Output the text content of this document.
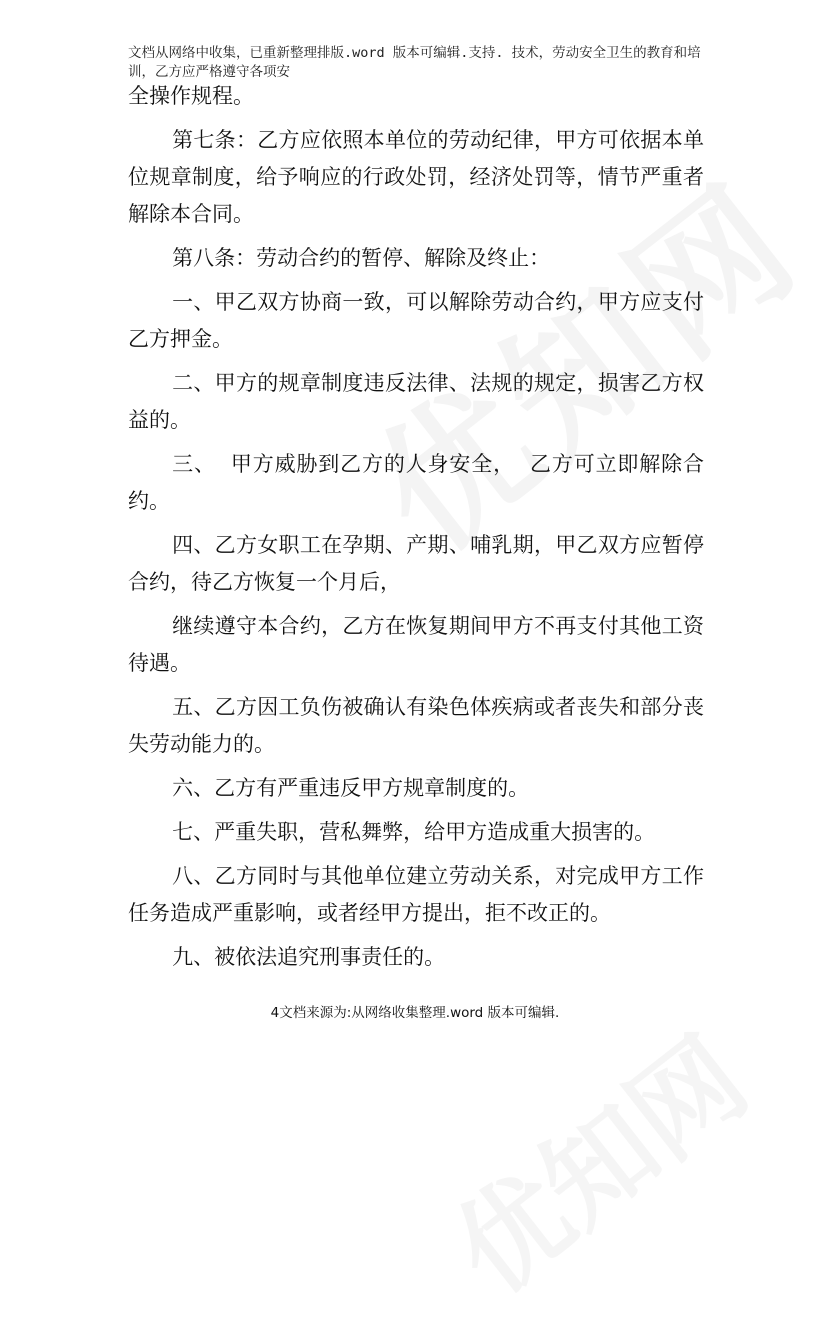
文档从网络中收集，已重新整理排版.word 版本可编辑.支持. 技术，劳动安全卫生的教育和培训，乙方应严格遵守各项安

全操作规程。

第七条：乙方应依照本单位的劳动纪律，甲方可依据本单位规章制度，给予响应的行政处罚，经济处罚等，情节严重者解除本合同。

第八条：劳动合约的暂停、解除及终止：

一、甲乙双方协商一致，可以解除劳动合约，甲方应支付乙方押金。

二、甲方的规章制度违反法律、法规的规定，损害乙方权益的。

三、  甲方威胁到乙方的人身安全，  乙方可立即解除合约。

四、乙方女职工在孕期、产期、哺乳期，甲乙双方应暂停合约，待乙方恢复一个月后，

继续遵守本合约，乙方在恢复期间甲方不再支付其他工资待遇。

五、乙方因工负伤被确认有染色体疾病或者丧失和部分丧失劳动能力的。

六、乙方有严重违反甲方规章制度的。

七、严重失职，营私舞弊，给甲方造成重大损害的。

八、乙方同时与其他单位建立劳动关系，对完成甲方工作任务造成严重影响，或者经甲方提出，拒不改正的。

九、被依法追究刑事责任的。

4文档来源为:从网络收集整理.word 版本可编辑.
